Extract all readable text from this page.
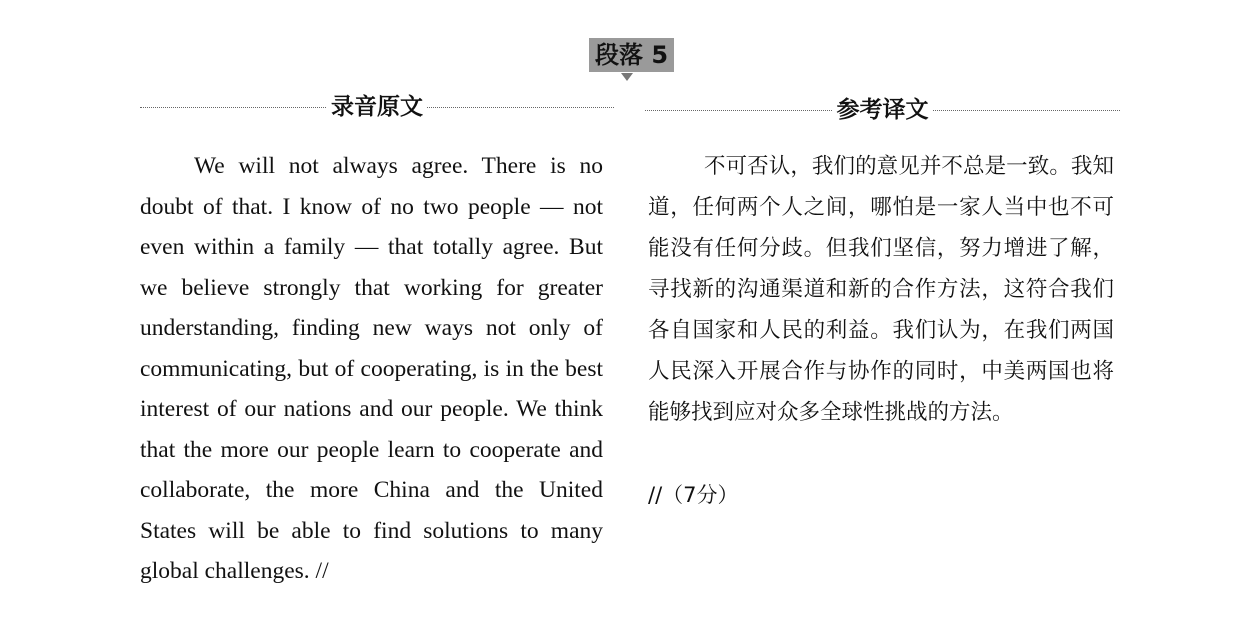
段落 5
录音原文	参考译文

We will not always agree. There is no doubt of that. I know of no two people — not even within a family — that totally agree. But we believe strongly that working for greater understanding, finding new ways not only of communicating, but of cooperating, is in the best interest of our nations and our people. We think that the more our people learn to cooperate and collaborate, the more China and the United States will be able to find solutions to many global challenges. //

不可否认，我们的意见并不总是一致。我知道，任何两个人之间，哪怕是一家人当中也不可能没有任何分歧。但我们坚信，努力增进了解，寻找新的沟通渠道和新的合作方法，这符合我们各自国家和人民的利益。我们认为，在我们两国人民深入开展合作与协作的同时，中美两国也将能够找到应对众多全球性挑战的方法。

//（7分）
